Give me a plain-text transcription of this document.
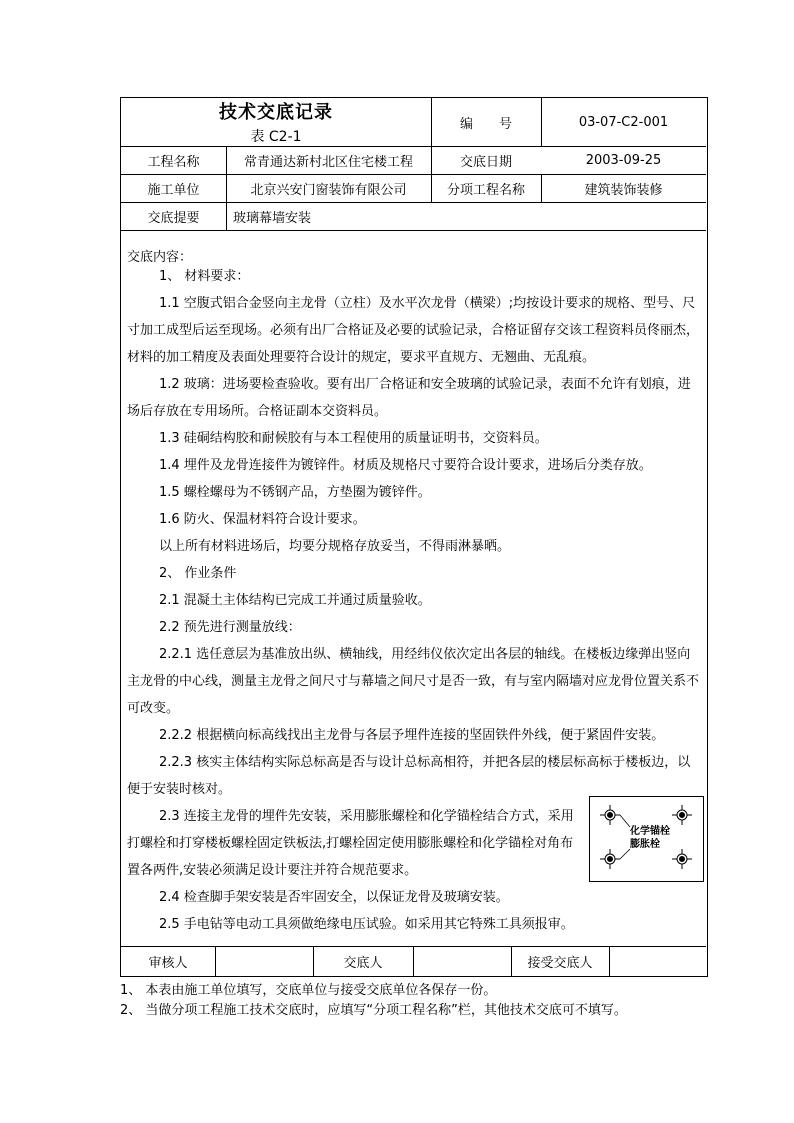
技术交底记录
表 C2-1
编　　号	03-07-C2-001
工程名称	常青通达新村北区住宅楼工程	交底日期	2003-09-25
施工单位	北京兴安门窗装饰有限公司	分项工程名称	建筑装饰装修
交底提要	玻璃幕墙安装
交底内容：
1、 材料要求：
1.1 空腹式铝合金竖向主龙骨（立柱）及水平次龙骨（横梁）;均按设计要求的规格、型号、尺寸加工成型后运至现场。必须有出厂合格证及必要的试验记录，合格证留存交该工程资料员佟丽杰，材料的加工精度及表面处理要符合设计的规定，要求平直规方、无翘曲、无乱痕。
1.2 玻璃：进场要检查验收。要有出厂合格证和安全玻璃的试验记录，表面不允许有划痕，进场后存放在专用场所。合格证副本交资料员。
1.3 硅硐结构胶和耐候胶有与本工程使用的质量证明书，交资料员。
1.4 埋件及龙骨连接件为镀锌件。材质及规格尺寸要符合设计要求，进场后分类存放。
1.5 螺栓螺母为不锈钢产品，方垫圈为镀锌件。
1.6 防火、保温材料符合设计要求。
以上所有材料进场后，均要分规格存放妥当，不得雨淋暴晒。
2、 作业条件
2.1 混凝土主体结构已完成工并通过质量验收。
2.2 预先进行测量放线：
2.2.1 选任意层为基准放出纵、横轴线，用经纬仪依次定出各层的轴线。在楼板边缘弹出竖向主龙骨的中心线，测量主龙骨之间尺寸与幕墙之间尺寸是否一致，有与室内隔墙对应龙骨位置关系不可改变。
2.2.2 根据横向标高线找出主龙骨与各层予埋件连接的坚固铁件外线，便于紧固件安装。
2.2.3 核实主体结构实际总标高是否与设计总标高相符，并把各层的楼层标高标于楼板边，以便于安装时核对。
2.3 连接主龙骨的埋件先安装，采用膨胀螺栓和化学锚栓结合方式，采用打螺栓和打穿楼板螺栓固定铁板法,打螺栓固定使用膨胀螺栓和化学锚栓对角布置各两件,安装必须满足设计要注并符合规范要求。
2.4 检查脚手架安装是否牢固安全，以保证龙骨及玻璃安装。
2.5 手电钻等电动工具须做绝缘电压试验。如采用其它特殊工具须报审。
审核人	交底人	接受交底人
化学锚栓
膨胀栓
1、 本表由施工单位填写，交底单位与接受交底单位各保存一份。
2、 当做分项工程施工技术交底时，应填写“分项工程名称”栏，其他技术交底可不填写。
